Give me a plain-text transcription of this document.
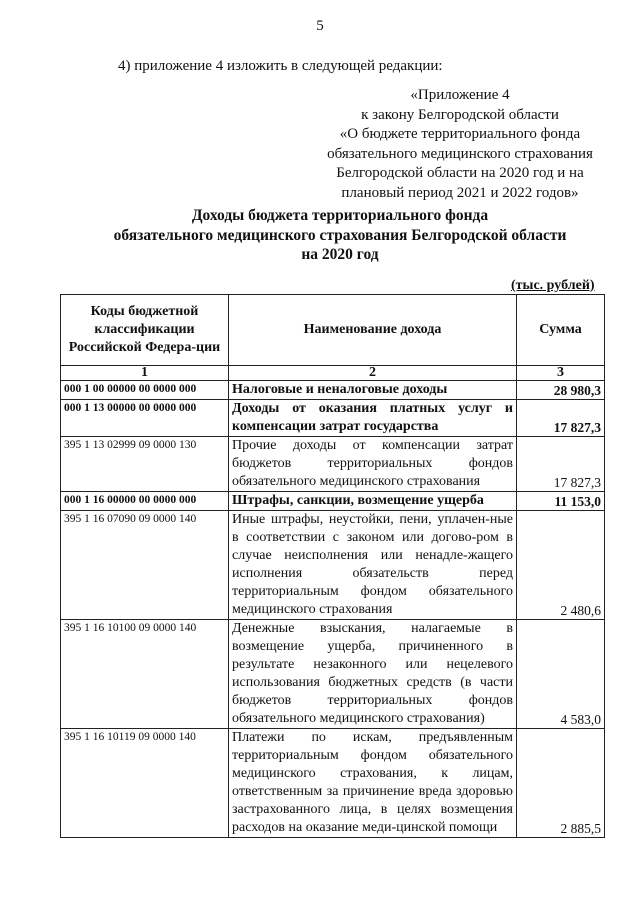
5
4) приложение 4 изложить в следующей редакции:
«Приложение 4
к закону Белгородской области
«О бюджете территориального фонда
обязательного медицинского страхования
Белгородской области на 2020 год и на
плановый период 2021 и 2022 годов»
Доходы бюджета территориального фонда
обязательного медицинского страхования Белгородской области
на 2020 год
(тыс. рублей)
Коды бюджетной классификации Российской Федера-ции	Наименование дохода	Сумма
1	2	3
000 1 00 00000 00 0000 000	Налоговые и неналоговые доходы	28 980,3
000 1 13 00000 00 0000 000	Доходы от оказания платных услуг и компенсации затрат государства	17 827,3
395 1 13 02999 09 0000 130	Прочие доходы от компенсации затрат бюджетов территориальных фондов обязательного медицинского страхования	17 827,3
000 1 16 00000 00 0000 000	Штрафы, санкции, возмещение ущерба	11 153,0
395 1 16 07090 09 0000 140	Иные штрафы, неустойки, пени, уплачен-ные в соответствии с законом или догово-ром в случае неисполнения или ненадле-жащего исполнения обязательств перед территориальным фондом обязательного медицинского страхования	2 480,6
395 1 16 10100 09 0000 140	Денежные взыскания, налагаемые в возмещение ущерба, причиненного в результате незаконного или нецелевого использования бюджетных средств (в части бюджетов территориальных фондов обязательного медицинского страхования)	4 583,0
395 1 16 10119 09 0000 140	Платежи по искам, предъявленным территориальным фондом обязательного медицинского страхования, к лицам, ответственным за причинение вреда здоровью застрахованного лица, в целях возмещения расходов на оказание меди-цинской помощи	2 885,5
